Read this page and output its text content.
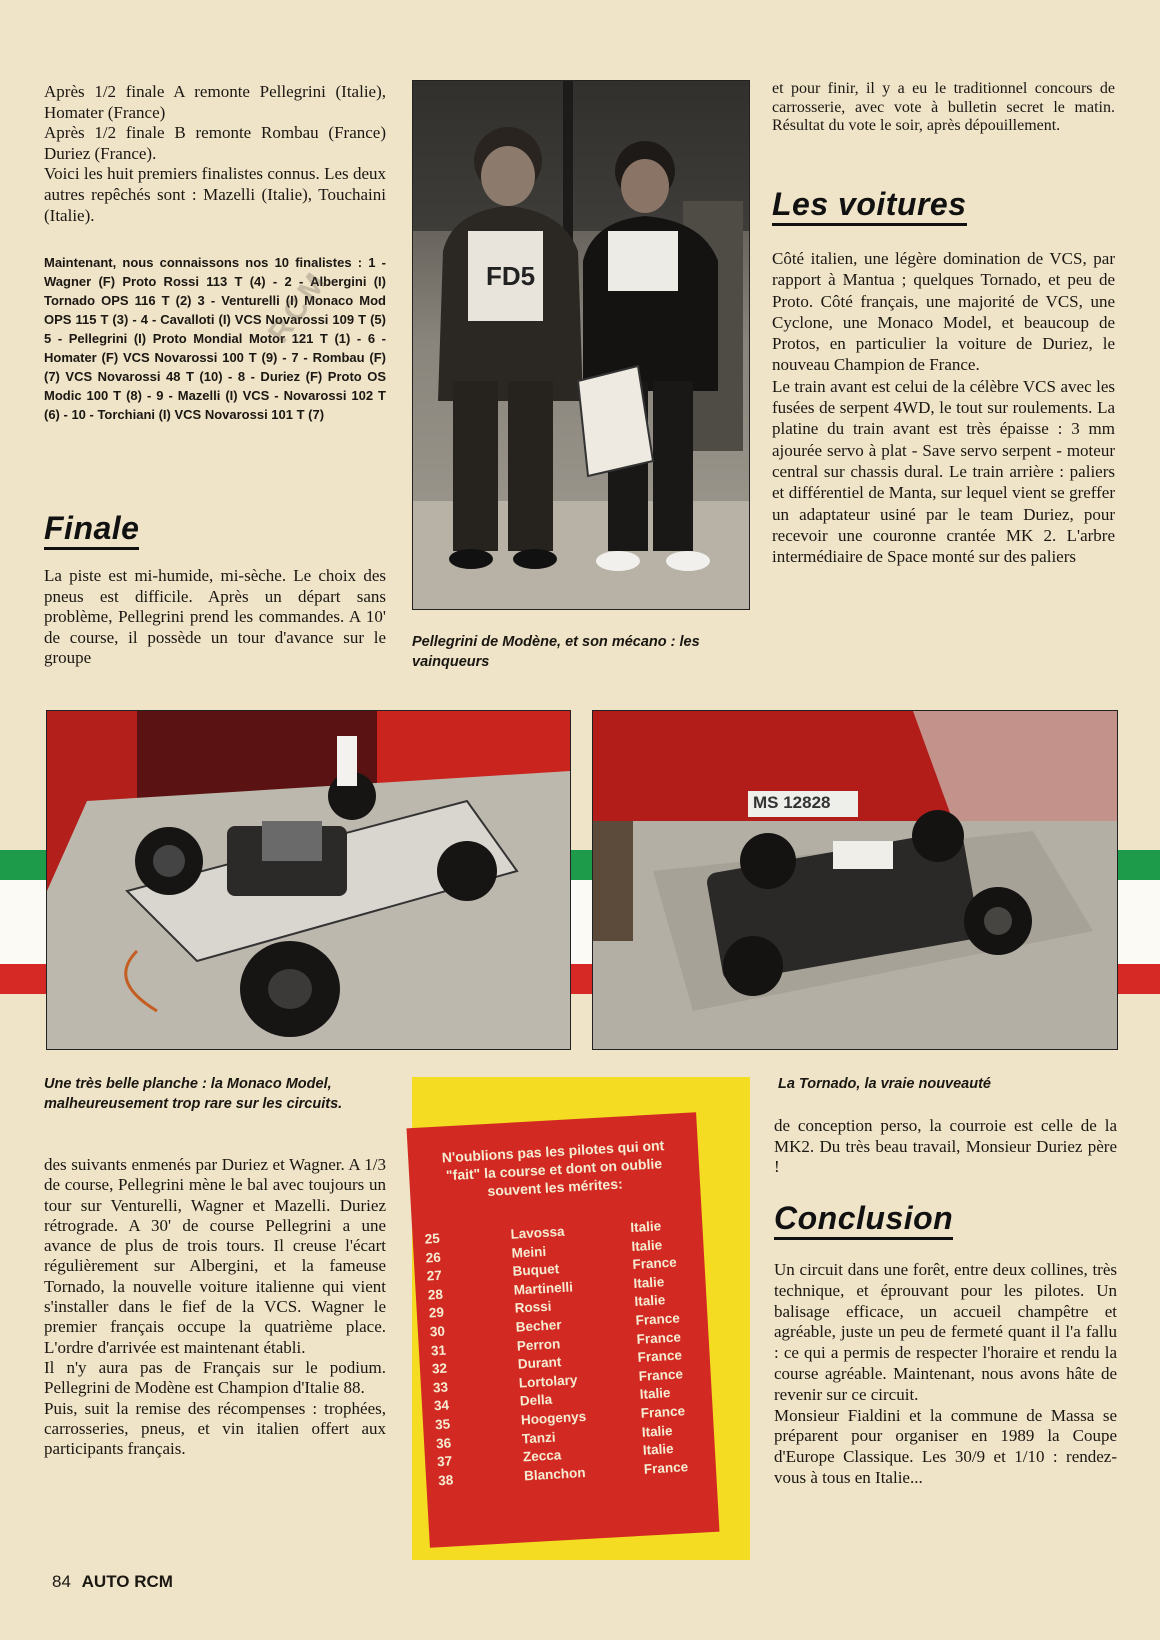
Après 1/2 finale A remonte Pellegrini (Italie), Homater (France)

Après 1/2 finale B remonte Rombau (France) Duriez (France).

Voici les huit premiers finalistes connus. Les deux autres repêchés sont : Mazelli (Italie), Touchaini (Italie).

Maintenant, nous connaissons nos 10 finalistes : 1 - Wagner (F) Proto Rossi 113 T (4) - 2 - Albergini (I) Tornado OPS 116 T (2) 3 - Venturelli (I) Monaco Mod OPS 115 T (3) - 4 - Cavalloti (I) VCS Novarossi 109 T (5) 5 - Pellegrini (I) Proto Mondial Motor 121 T (1) - 6 - Homater (F) VCS Novarossi 100 T (9) - 7 - Rombau (F) (7) VCS Novarossi 48 T (10) - 8 - Duriez (F) Proto OS Modic 100 T (8) - 9 - Mazelli (I) VCS - Novarossi 102 T (6) - 10 - Torchiani (I) VCS Novarossi 101 T (7)
RCM
Finale
La piste est mi-humide, mi-sèche. Le choix des pneus est difficile. Après un départ sans problème, Pellegrini prend les commandes. A 10' de course, il possède un tour d'avance sur le groupe
FD5
Pellegrini de Modène, et son mécano : les vainqueurs
et pour finir, il y a eu le traditionnel concours de carrosserie, avec vote à bulletin secret le matin. Résultat du vote le soir, après dépouillement.
Les voitures

Côté italien, une légère domination de VCS, par rapport à Mantua ; quelques Tornado, et peu de Proto. Côté français, une majorité de VCS, une Cyclone, une Monaco Model, et beaucoup de Protos, en particulier la voiture de Duriez, le nouveau Champion de France.

Le train avant est celui de la célèbre VCS avec les fusées de serpent 4WD, le tout sur roulements. La platine du train avant est très épaisse : 3 mm ajourée servo à plat - Save servo serpent - moteur central sur chassis dural. Le train arrière : paliers et différentiel de Manta, sur lequel vient se greffer un adaptateur usiné par le team Duriez, pour recevoir une couronne crantée MK 2. L'arbre intermédiaire de Space monté sur des paliers

MS 12828
Une très belle planche : la Monaco Model, malheureusement trop rare sur les circuits.
La Tornado, la vraie nouveauté

des suivants enmenés par Duriez et Wagner. A 1/3 de course, Pellegrini mène le bal avec toujours un tour sur Venturelli, Wagner et Mazelli. Duriez rétrograde. A 30' de course Pellegrini a une avance de plus de trois tours. Il creuse l'écart régulièrement sur Albergini, et la fameuse Tornado, la nouvelle voiture italienne qui vient s'installer dans le fief de la VCS. Wagner le premier français occupe la quatrième place. L'ordre d'arrivée est maintenant établi.

Il n'y aura pas de Français sur le podium. Pellegrini de Modène est Champion d'Italie 88.

Puis, suit la remise des récompenses : trophées, carrosseries, pneus, et vin italien offert aux participants français.

N'oublions pas les pilotes qui ont "fait" la course et dont on oublie souvent les mérites:
25	Lavossa	Italie
26	Meini	Italie
27	Buquet	France
28	Martinelli	Italie
29	Rossi	Italie
30	Becher	France
31	Perron	France
32	Durant	France
33	Lortolary	France
34	Della	Italie
35	Hoogenys	France
36	Tanzi	Italie
37	Zecca	Italie
38	Blanchon	France
de conception perso, la courroie est celle de la MK2. Du très beau travail, Monsieur Duriez père !
Conclusion

Un circuit dans une forêt, entre deux collines, très technique, et éprouvant pour les pilotes. Un balisage efficace, un accueil champêtre et agréable, juste un peu de fermeté quant il l'a fallu : ce qui a permis de respecter l'horaire et rendu la course agréable. Maintenant, nous avons hâte de revenir sur ce circuit.

Monsieur Fialdini et la commune de Massa se préparent pour organiser en 1989 la Coupe d'Europe Classique. Les 30/9 et 1/10 : rendez-vous à tous en Italie...

84 AUTO RCM
